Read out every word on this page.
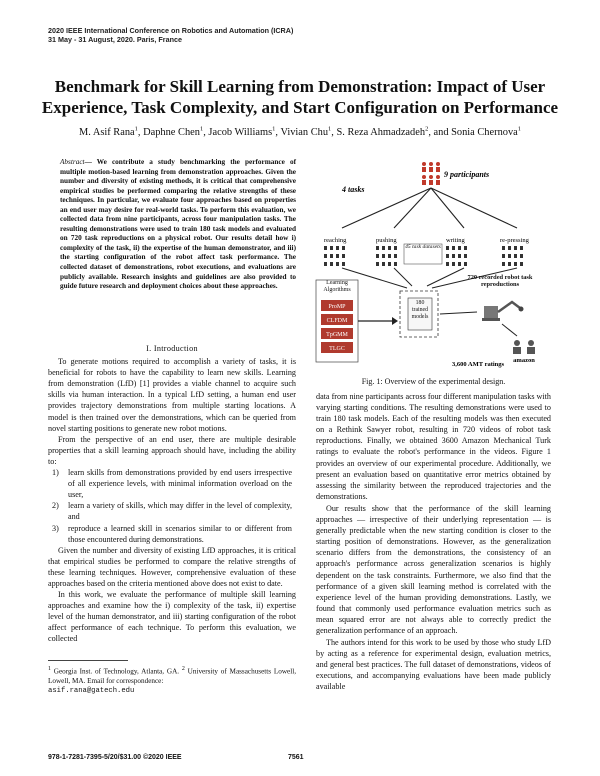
2020 IEEE International Conference on Robotics and Automation (ICRA)
31 May - 31 August, 2020. Paris, France
Benchmark for Skill Learning from Demonstration: Impact of User Experience, Task Complexity, and Start Configuration on Performance
M. Asif Rana$^1$, Daphne Chen$^1$, Jacob Williams$^1$, Vivian Chu$^1$, S. Reza Ahmadzadeh$^2$, and Sonia Chernova$^1$
Abstract— We contribute a study benchmarking the performance of multiple motion-based learning from demonstration approaches. Given the number and diversity of existing methods, it is critical that comprehensive empirical studies be performed comparing the relative strengths of these techniques. In particular, we evaluate four approaches based on properties an end user may desire for real-world tasks. To perform this evaluation, we collected data from nine participants, across four manipulation tasks. The resulting demonstrations were used to train 180 task models and evaluated on 720 task reproductions on a physical robot. Our results detail how i) complexity of the task, ii) the expertise of the human demonstrator, and iii) the starting configuration of the robot affect task performance. The collected dataset of demonstrations, robot executions, and evaluations are publicly available. Research insights and guidelines are also provided to guide future research and deployment choices about these approaches.
I. Introduction

To generate motions required to accomplish a variety of tasks, it is beneficial for robots to have the capability to learn new skills. Learning from demonstration (LfD) [1] provides a viable channel to acquire such skills via human interaction. In a typical LfD setting, a human end user provides trajectory demonstrations from multiple starting locations. A model is then trained over the demonstrations, which can be queried from novel starting positions to generate new robot motions.

From the perspective of an end user, there are multiple desirable properties that a skill learning approach should have, including the ability to:

1) learn skills from demonstrations provided by end users irrespective of all experience levels, with minimal information overload on the user,
2) learn a variety of skills, which may differ in the level of complexity, and
3) reproduce a learned skill in scenarios similar to or different from those encountered during demonstrations.

Given the number and diversity of existing LfD approaches, it is critical that empirical studies be performed to compare the relative strengths of these learning techniques. However, comprehensive evaluation of these approaches based on the criteria mentioned above does not exist to date.

In this work, we evaluate the performance of multiple skill learning approaches and examine how the i) complexity of the task, ii) expertise level of the human demonstrator, and iii) starting configuration of the robot affect performance of each technique. To perform this evaluation, we collected

$^1$ Georgia Inst. of Technology, Atlanta, GA. $^2$ University of Massachusetts Lowell, Lowell, MA. Email for correspondence:
asif.rana@gatech.edu
9 participants
4 tasks
reaching	pushing	writing	re-pressing
45 task datasets
Learning Algorithms
ProMP
CLFDM
TpGMM
TLGC
180 trained models
720 recorded robot task reproductions
amazon
3,600 AMT ratings
Fig. 1: Overview of the experimental design.

data from nine participants across four different manipulation tasks with varying starting conditions. The resulting demonstrations were used to train 180 task models. Each of the resulting models was then executed on a Rethink Sawyer robot, resulting in 720 videos of robot task reproductions. Finally, we obtained 3600 Amazon Mechanical Turk ratings to evaluate the robot's performance in the videos. Figure 1 provides an overview of our experimental procedure. Additionally, we present an evaluation based on quantitative error metrics obtained by assessing the similarity between the reproduced trajectories and the demonstrations.

Our results show that the performance of the skill learning approaches — irrespective of their underlying representation — is generally predictable when the new starting condition is closer to the starting position of demonstrations. However, as the generalization scenario differs from the demonstrations, the consistency of an approach's performance across generalization scenarios is highly dependent on the task constraints. Furthermore, we also find that the performance of a given skill learning method is correlated with the experience level of the human providing demonstrations. Lastly, we found that commonly used performance evaluation metrics such as mean squared error are not always able to correctly predict the generalization performance of an approach.

The authors intend for this work to be used by those who study LfD by acting as a reference for experimental design, evaluation metrics, and general best practices. The full dataset of demonstrations, videos of executions, and accompanying evaluations have been made publicly available

978-1-7281-7395-5/20/$31.00 ©2020 IEEE	7561
